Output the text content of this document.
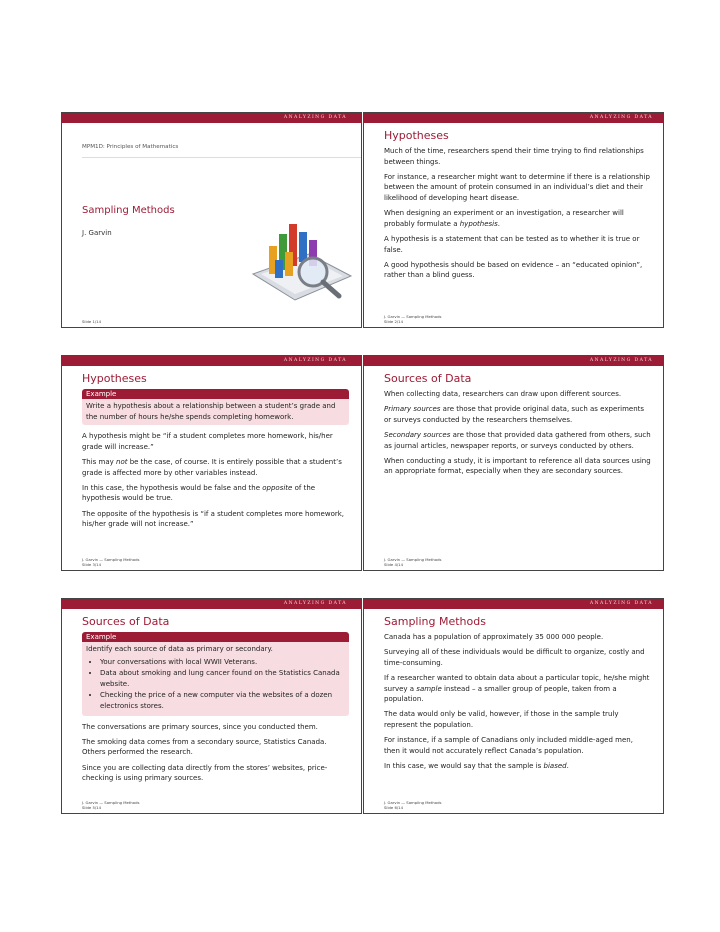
ANALYZING DATA
MPM1D: Principles of Mathematics
Sampling Methods
J. Garvin
Slide 1/14
ANALYZING DATA
Hypotheses

Much of the time, researchers spend their time trying to find relationships between things.

For instance, a researcher might want to determine if there is a relationship between the amount of protein consumed in an individual’s diet and their likelihood of developing heart disease.

When designing an experiment or an investigation, a researcher will probably formulate a hypothesis.

A hypothesis is a statement that can be tested as to whether it is true or false.

A good hypothesis should be based on evidence – an “educated opinion”, rather than a blind guess.

J. Garvin — Sampling Methods
Slide 2/14
ANALYZING DATA
Hypotheses
Example
Write a hypothesis about a relationship between a student’s grade and the number of hours he/she spends completing homework.

A hypothesis might be “if a student completes more homework, his/her grade will increase.”

This may not be the case, of course. It is entirely possible that a student’s grade is affected more by other variables instead.

In this case, the hypothesis would be false and the opposite of the hypothesis would be true.

The opposite of the hypothesis is “if a student completes more homework, his/her grade will not increase.”

J. Garvin — Sampling Methods
Slide 3/14
ANALYZING DATA
Sources of Data

When collecting data, researchers can draw upon different sources.

Primary sources are those that provide original data, such as experiments or surveys conducted by the researchers themselves.

Secondary sources are those that provided data gathered from others, such as journal articles, newspaper reports, or surveys conducted by others.

When conducting a study, it is important to reference all data sources using an appropriate format, especially when they are secondary sources.

J. Garvin — Sampling Methods
Slide 4/14
ANALYZING DATA
Sources of Data
Example
Identify each source of data as primary or secondary.
• Your conversations with local WWII Veterans.
• Data about smoking and lung cancer found on the Statistics Canada website.
• Checking the price of a new computer via the websites of a dozen electronics stores.

The conversations are primary sources, since you conducted them.

The smoking data comes from a secondary source, Statistics Canada. Others performed the research.

Since you are collecting data directly from the stores’ websites, price-checking is using primary sources.

J. Garvin — Sampling Methods
Slide 5/14
ANALYZING DATA
Sampling Methods

Canada has a population of approximately 35 000 000 people.

Surveying all of these individuals would be difficult to organize, costly and time-consuming.

If a researcher wanted to obtain data about a particular topic, he/she might survey a sample instead – a smaller group of people, taken from a population.

The data would only be valid, however, if those in the sample truly represent the population.

For instance, if a sample of Canadians only included middle-aged men, then it would not accurately reflect Canada’s population.

In this case, we would say that the sample is biased.

J. Garvin — Sampling Methods
Slide 6/14
